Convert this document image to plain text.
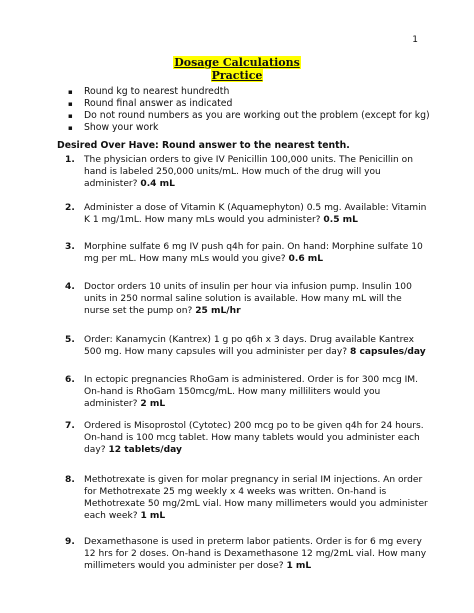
1
Dosage Calculations
Practice
▪ Round kg to nearest hundredth
▪ Round final answer as indicated
▪ Do not round numbers as you are working out the problem (except for kg)
▪ Show your work
Desired Over Have: Round answer to the nearest tenth.
1. The physician orders to give IV Penicillin 100,000 units. The Penicillin on hand is labeled 250,000 units/mL. How much of the drug will you administer? 0.4 mL
2. Administer a dose of Vitamin K (Aquamephyton) 0.5 mg. Available: Vitamin K 1 mg/1mL. How many mLs would you administer? 0.5 mL
3. Morphine sulfate 6 mg IV push q4h for pain. On hand: Morphine sulfate 10 mg per mL. How many mLs would you give? 0.6 mL
4. Doctor orders 10 units of insulin per hour via infusion pump. Insulin 100 units in 250 normal saline solution is available. How many mL will the nurse set the pump on? 25 mL/hr
5. Order: Kanamycin (Kantrex) 1 g po q6h x 3 days. Drug available Kantrex 500 mg. How many capsules will you administer per day? 8 capsules/day
6. In ectopic pregnancies RhoGam is administered. Order is for 300 mcg IM. On-hand is RhoGam 150mcg/mL. How many milliliters would you administer? 2 mL
7. Ordered is Misoprostol (Cytotec) 200 mcg po to be given q4h for 24 hours. On-hand is 100 mcg tablet. How many tablets would you administer each day? 12 tablets/day
8. Methotrexate is given for molar pregnancy in serial IM injections. An order for Methotrexate 25 mg weekly x 4 weeks was written. On-hand is Methotrexate 50 mg/2mL vial. How many millimeters would you administer each week? 1 mL
9. Dexamethasone is used in preterm labor patients. Order is for 6 mg every 12 hrs for 2 doses. On-hand is Dexamethasone 12 mg/2mL vial. How many millimeters would you administer per dose? 1 mL
